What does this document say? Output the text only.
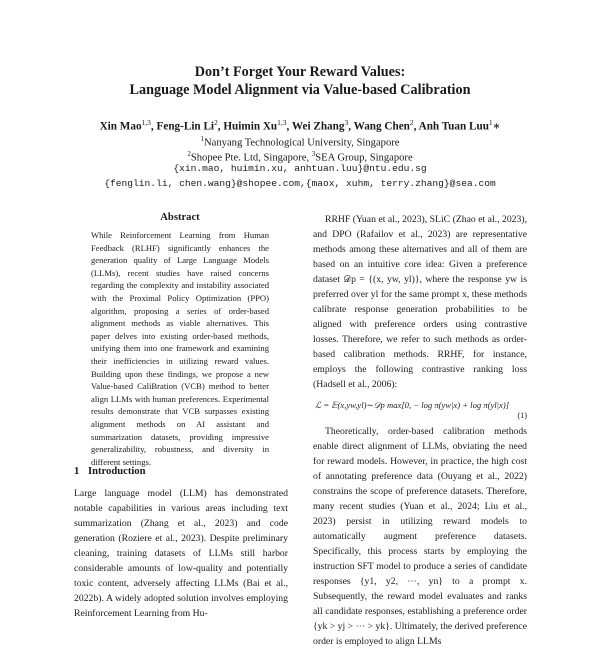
Don’t Forget Your Reward Values:
Language Model Alignment via Value-based Calibration
Xin Mao$^{1,3}$, Feng-Lin Li$^2$, Huimin Xu$^{1,3}$, Wei Zhang$^3$, Wang Chen$^2$, Anh Tuan Luu$^1$∗
$^1$Nanyang Technological University, Singapore
$^2$Shopee Pte. Ltd, Singapore, $^3$SEA Group, Singapore
{xin.mao, huimin.xu, anhtuan.luu}@ntu.edu.sg
{fenglin.li, chen.wang}@shopee.com,{maox, xuhm, terry.zhang}@sea.com
Abstract
While Reinforcement Learning from Human Feedback (RLHF) significantly enhances the generation quality of Large Language Models (LLMs), recent studies have raised concerns regarding the complexity and instability associated with the Proximal Policy Optimization (PPO) algorithm, proposing a series of order-based alignment methods as viable alternatives. This paper delves into existing order-based methods, unifying them into one framework and examining their inefficiencies in utilizing reward values. Building upon these findings, we propose a new Value-based CaliBration (VCB) method to better align LLMs with human preferences. Experimental results demonstrate that VCB surpasses existing alignment methods on AI assistant and summarization datasets, providing impressive generalizability, robustness, and diversity in different settings.
1 Introduction
Large language model (LLM) has demonstrated notable capabilities in various areas including text summarization (Zhang et al., 2023) and code generation (Roziere et al., 2023). Despite preliminary cleaning, training datasets of LLMs still harbor considerable amounts of low-quality and potentially toxic content, adversely affecting LLMs (Bai et al., 2022b). A widely adopted solution involves employing Reinforcement Learning from Hu-

RRHF (Yuan et al., 2023), SLiC (Zhao et al., 2023), and DPO (Rafailov et al., 2023) are representative methods among these alternatives and all of them are based on an intuitive core idea: Given a preference dataset 𝒟p = {(x, yw, yl)}, where the response yw is preferred over yl for the same prompt x, these methods calibrate response generation probabilities to be aligned with preference orders using contrastive losses. Therefore, we refer to such methods as order-based calibration methods. RRHF, for instance, employs the following contrastive ranking loss (Hadsell et al., 2006):

ℒ = 𝔼(x,yw,yl)∼𝒟p max[0, − log π(yw|x) + log π(yl|x)]
(1)

Theoretically, order-based calibration methods enable direct alignment of LLMs, obviating the need for reward models. However, in practice, the high cost of annotating preference data (Ouyang et al., 2022) constrains the scope of preference datasets. Therefore, many recent studies (Yuan et al., 2024; Liu et al., 2023) persist in utilizing reward models to automatically augment preference datasets. Specifically, this process starts by employing the instruction SFT model to produce a series of candidate responses {y1, y2, ⋯, yn} to a prompt x. Subsequently, the reward model evaluates and ranks all candidate responses, establishing a preference order {yk > yj > ⋯ > yk}. Ultimately, the derived preference order is employed to align LLMs
